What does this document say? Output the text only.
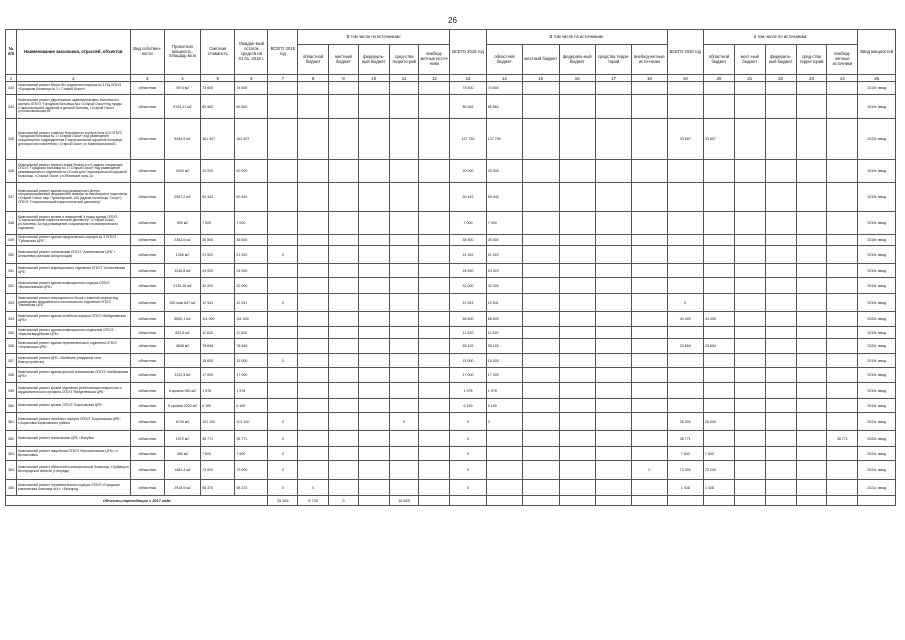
26
№ п/п	Наименование заказчиков, отраслей, объектов	Вид собствен-ности	Проектная мощность, площадь кв.м	Сметная стоимость	Ожидае-мый остаток средств на 01.01. 2018 г.	ВСЕГО 2018 год	В том числе по источникам:					ВСЕГО 2019 год	В том числе по источникам:					ВСЕГО 2020 год	в том числе по источникам:					Ввод мощностей
							областной бюджет	местный бюджет	федераль-ный бюджет	сред-ства террито-рий	внебюд-жетные источ-ники		областной бюджет	местный бюджет	федераль-ный бюджет	средства терри-торий	внебюд-жетные источ-ники		областной бюджет	мест-ный бюджет	федераль-ный бюджет	сред-ства терри-торий	внебюд-жетные источники	
1	2	3	4	5	6	7	8	9	10	11	12	13	14	15	16	17	18	19	20	21	22	23	24	25
343	Капитальный ремонт блока «Б» родильного корпуса № 2 ПЦ ОГБУЗ «Городская больница № 1 г. Старый Оскол»	областная	4974 м2	74 600	74 600							74 600	74 600											2019г. ввод
344	Капитальный ремонт двухэтажного административно-больничного корпуса ОГБУЗ "Городская больница №1 г.Старый Оскол"под нужды Старооскольской окружной и детской больниц, г.Старый Оскол, ул.Комсомольская,81	областная	5704,41 м2	85 562	85 562							85 562	85 562											2019г. ввод
345	Капитальный ремонт главного больничного корпуса блок А-Б ОГБУЗ "Городская больница № 1 г.Старый Оскол" под размещение стационарного подразделения Старооскольской окружной больницы для взрослого населения, г.Старый Оскол, ул.Комсомольская,81	областная	9494,5 м2	161 407	161 407							127 750	127 750					33 657	33 657					2020г. ввод
346	Капитальный ремонт первого этажа блоков А и Б здания стационара ОГБУЗ "Городская больница № 2 г.Старый Оскол" под размещение реанимационного отделения на 12 коек для Старооскольской окружной больницы, г.Старый Оскол, ул.Ублинские горы,1а	областная	2000 м2	20 000	20 000							20 000	20 000											2019г. ввод
347	Капитальный ремонт здания под размещение Центра специализированной медицинской помощи по психиатрии и наркологии г.Старый Оскол, мкр. Пролетарский, 105 (здание гостиницы "Спорт") ОГБУЗ "Старооскольский наркологический диспансер"	областная	2967,2 м2	50 442	50 442							50 442	50 442											2019г. ввод
348	Капитальный ремонт кровли и помещений 4 этажа здания ОГБУЗ "Старооскольский наркологический диспансер" г.Старый Оскол, ул.Хмелева, 2а под размещение стационарного психиатрического отделения	областная	900 м2	7 000	7 000							7 000	7 000											2019г. ввод
349	Капитальный ремонт здания хирургического корпуса № 3 ОГБУЗ "Губкинская ЦРБ"	областная	2363,6 м2	35 500	35 500							35 500	35 500											2019г. ввод
350	Капитальный ремонт поликлиники ОГБУЗ "Алексеевская ЦРБ" г. Алексеевка (женская консультация)	областная	1266 м2	21 922	21 922	0						21 922	21 922											2019г. ввод
351	Капитальный ремонт инфекционного отделения ОГБУЗ "Алексеевская ЦРБ"	областная	1245,8 м2	24 920	24 920							24 920	24 920											2019г. ввод
352	Капитальный ремонт здания инфекционного корпуса ОГБУЗ «Волоконовская ЦРБ»	областная	2135,16 м2	32 000	32 000							32 000	32 000											2019г. ввод
353	Капитальный ремонт операционного блока с заменой лифтов под размещение межрайонного неонатального отделения ОГБУЗ "Ивнянская ЦРБ"	областная	250 кокк 647 м2	12 541	12 541	0						12 541	12 541					0						2019г. ввод
354	Капитальный ремонт здания лечебного корпуса ОГБУЗ «Вейделевская ЦРБ»	областная	5500,1 м2	111 000	111 000							66 600	66 600					44 400	44 400					2020г. ввод
355	Капитальный ремонт здания инфекционного отделения ОГБУЗ «Красногвардейская ЦРБ»	областная	603,5 м2	11 620	11 620							11 620	11 620											2019г. ввод
356	Капитальный ремонт здания терапевтического отделения ОГБУЗ «Чернянская ЦРБ»	областная	4638 м2	78 846	78 846							55 192	55 192					23 654	23 654					2020г. ввод
357	Капитальный ремонт ЦРБ, г.Шебекино (наружные сети, благоустройство)	областная		15 000	15 000	0						15 000	15 000											2019г. ввод
358	Капитальный ремонт здания детской поликлиники ОГБУЗ «Шебекинская ЦРБ»	областная	1132,3 м2	17 000	17 000							17 000	17 000											2019г. ввод
359	Капитальный ремонт кровли отделения реабилитации неврологии и кардиологического профиля ОГБУЗ "Вейделевская ЦРБ"	областная	5 кровли 950 м2	1 978	1 978							1 978	1 978											2019г. ввод
360	Капитальный ремонт кровли ОГБУЗ "Борисовская ЦРБ"	областная	S кровли 2200 м2	6 169	6 169							6 169	6 169											2019г. ввод
361	Капитальный ремонт лечебного корпуса ОГБУЗ "Борисовская ЦРБ", п.Борисовка Борисовского района	областная	6745 м2	101 100	101 100	0				0		0	0					26 000	26 000					2021г. ввод
362	Капитальный ремонт поликлиники ЦРБ, г.Валуйки.	областная	1570 м2	38 771	38 771	0						0						38 771					38 771	2020г. ввод
363	Капитальный ремонт пищеблока ОГБУЗ «Волоконовская ЦРБ», п. Волоконовка	областная	380 м2	7 600	7 600	0						0						7 600	7 600					2020г. ввод
364	Капитальный ремонт областной психиатрической больницы, г.Грайворон Белгородской области (I очередь)	областная	1462,4 м2	73 000	73 000	0						0					0	73 000	73 000					2020г. ввод
365	Капитальный ремонт терапевтического корпуса ОГБУЗ «Городская клиническая больница №1», г.Белгород	областная	2918,5 м2	58 370	58 370	0	0					0						1 438	1 438					2021г. ввод
Объекты,переходящие с 2017 года						25 364	8 739	0		16 625														
